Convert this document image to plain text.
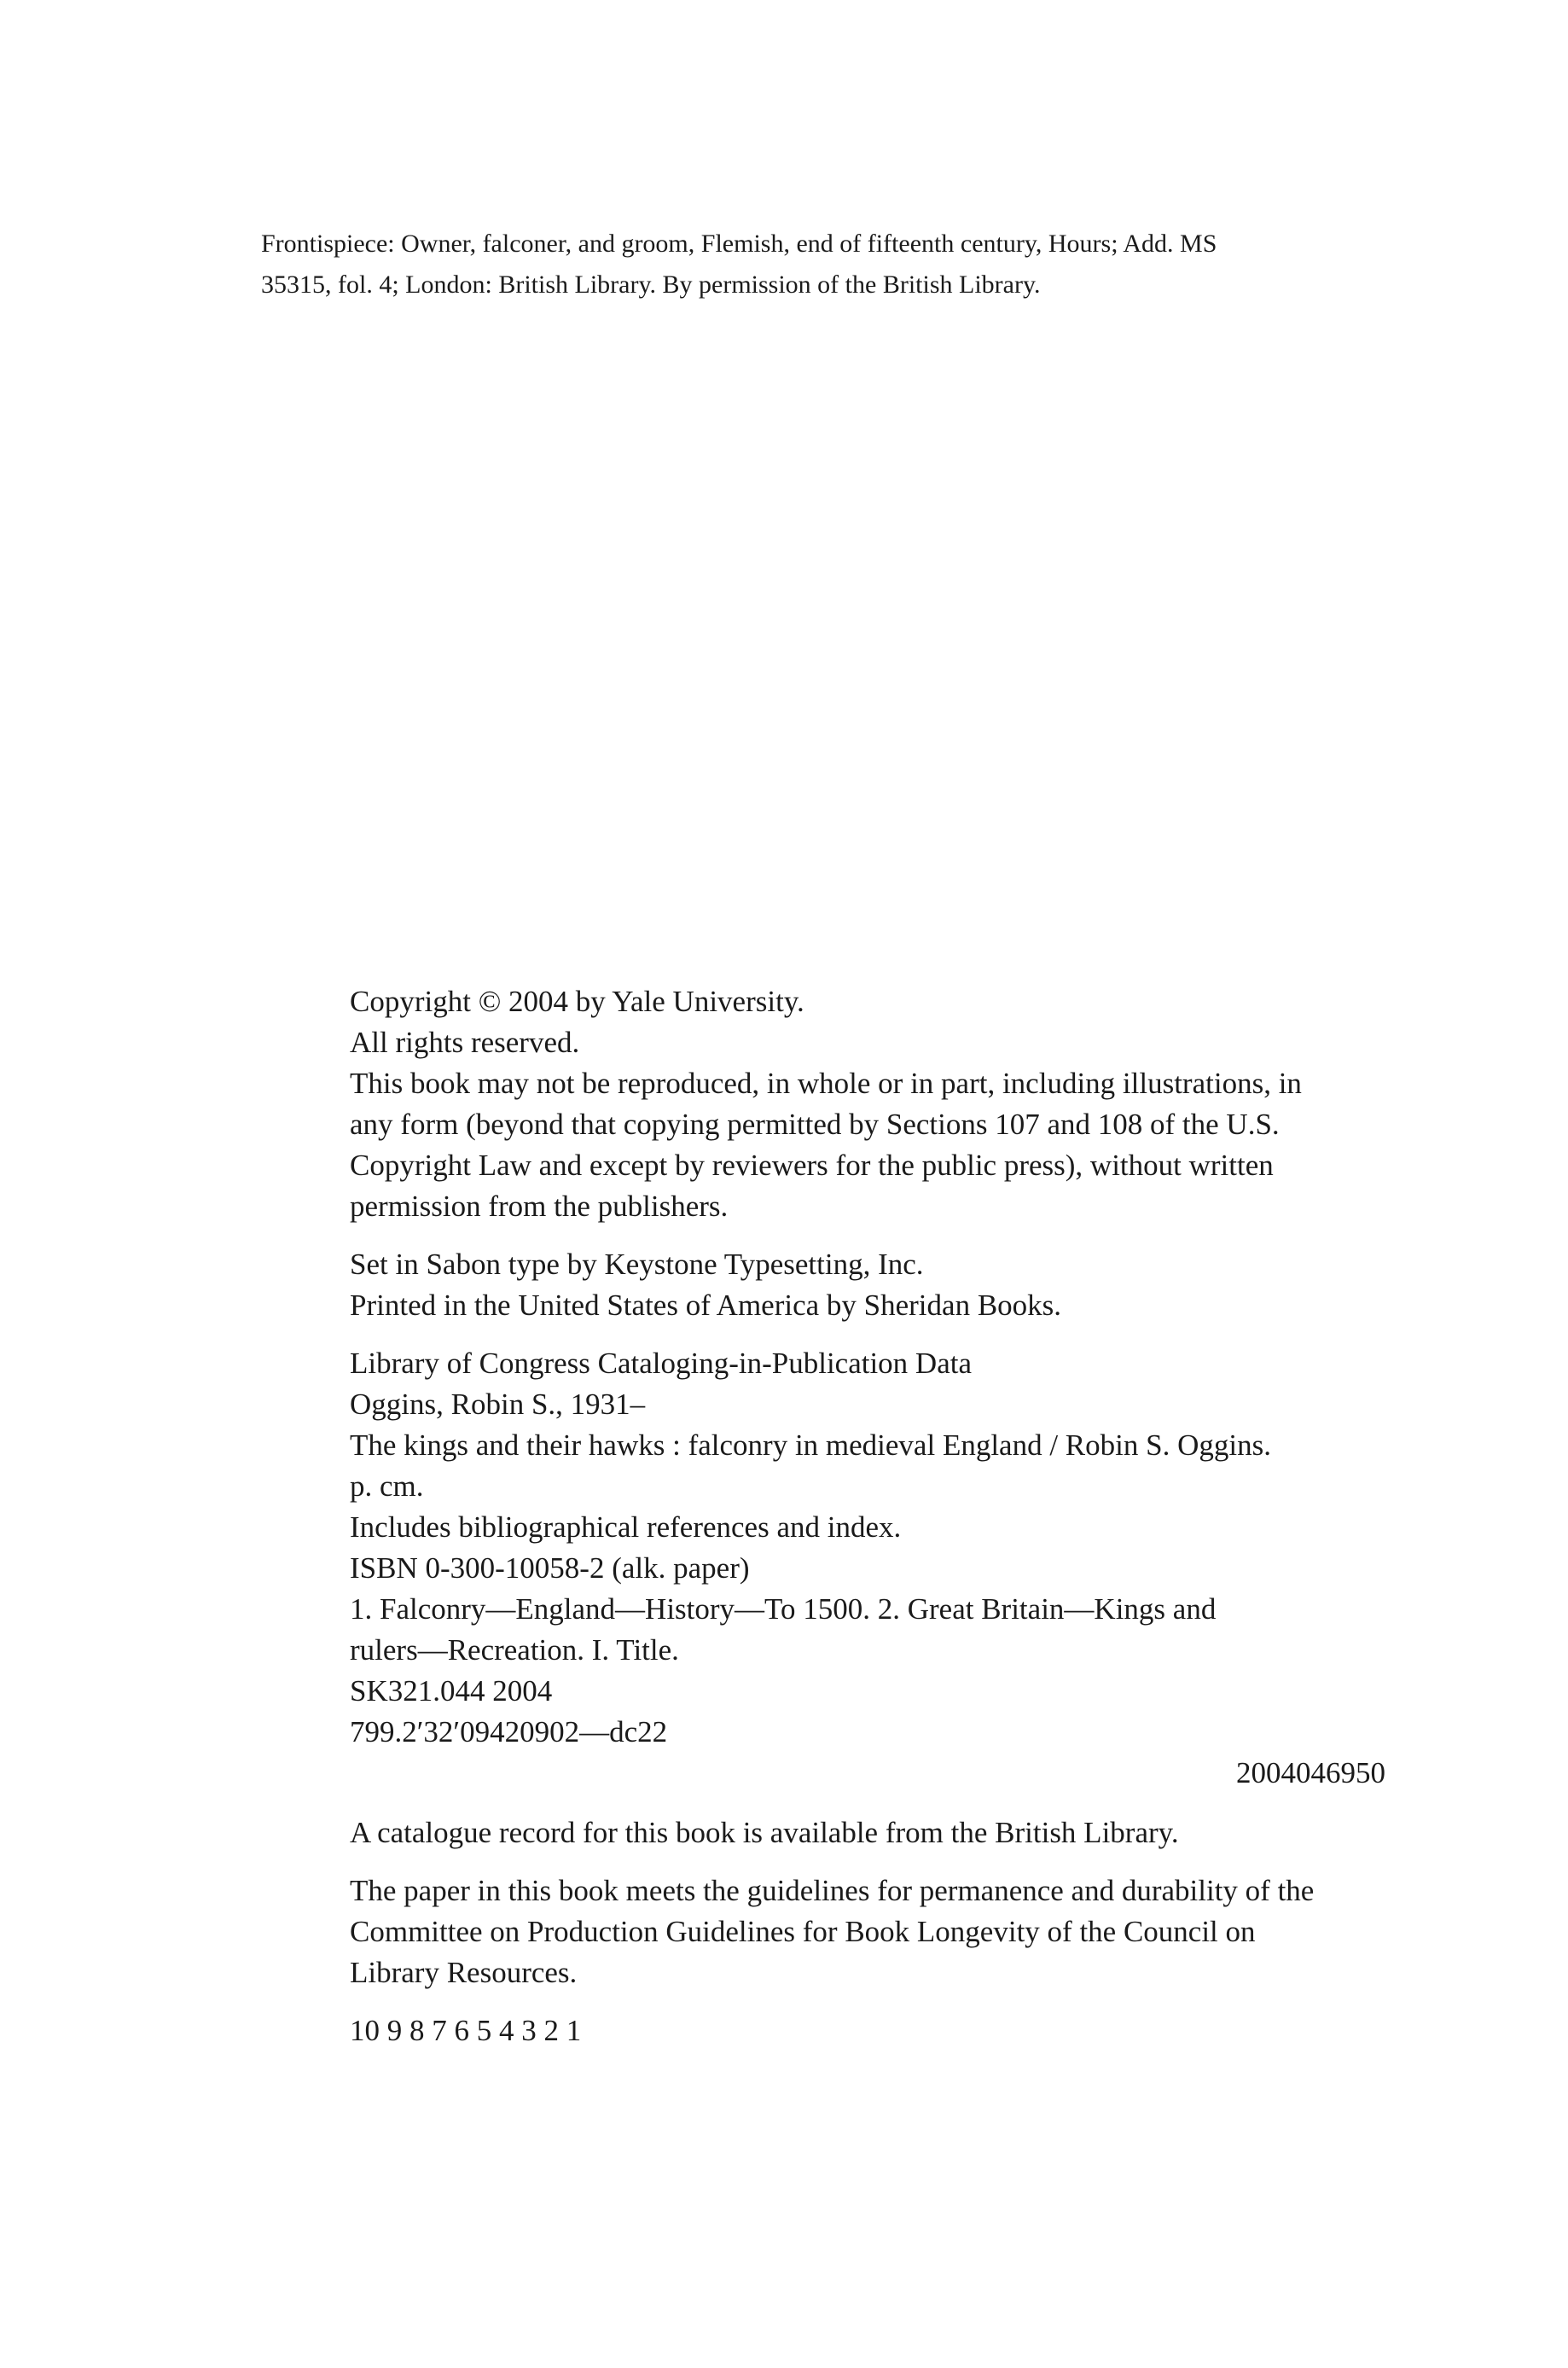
Frontispiece: Owner, falconer, and groom, Flemish, end of fifteenth century, Hours; Add. MS

35315, fol. 4; London: British Library. By permission of the British Library.

Copyright © 2004 by Yale University.

All rights reserved.

This book may not be reproduced, in whole or in part, including illustrations, in

any form (beyond that copying permitted by Sections 107 and 108 of the U.S.

Copyright Law and except by reviewers for the public press), without written

permission from the publishers.

Set in Sabon type by Keystone Typesetting, Inc.

Printed in the United States of America by Sheridan Books.

Library of Congress Cataloging-in-Publication Data

Oggins, Robin S., 1931–

The kings and their hawks : falconry in medieval England / Robin S. Oggins.

p. cm.

Includes bibliographical references and index.

ISBN 0-300-10058-2 (alk. paper)

1. Falconry—England—History—To 1500. 2. Great Britain—Kings and

rulers—Recreation. I. Title.

SK321.044 2004

799.2′32′09420902—dc22

2004046950

A catalogue record for this book is available from the British Library.

The paper in this book meets the guidelines for permanence and durability of the

Committee on Production Guidelines for Book Longevity of the Council on

Library Resources.

10 9 8 7 6 5 4 3 2 1
